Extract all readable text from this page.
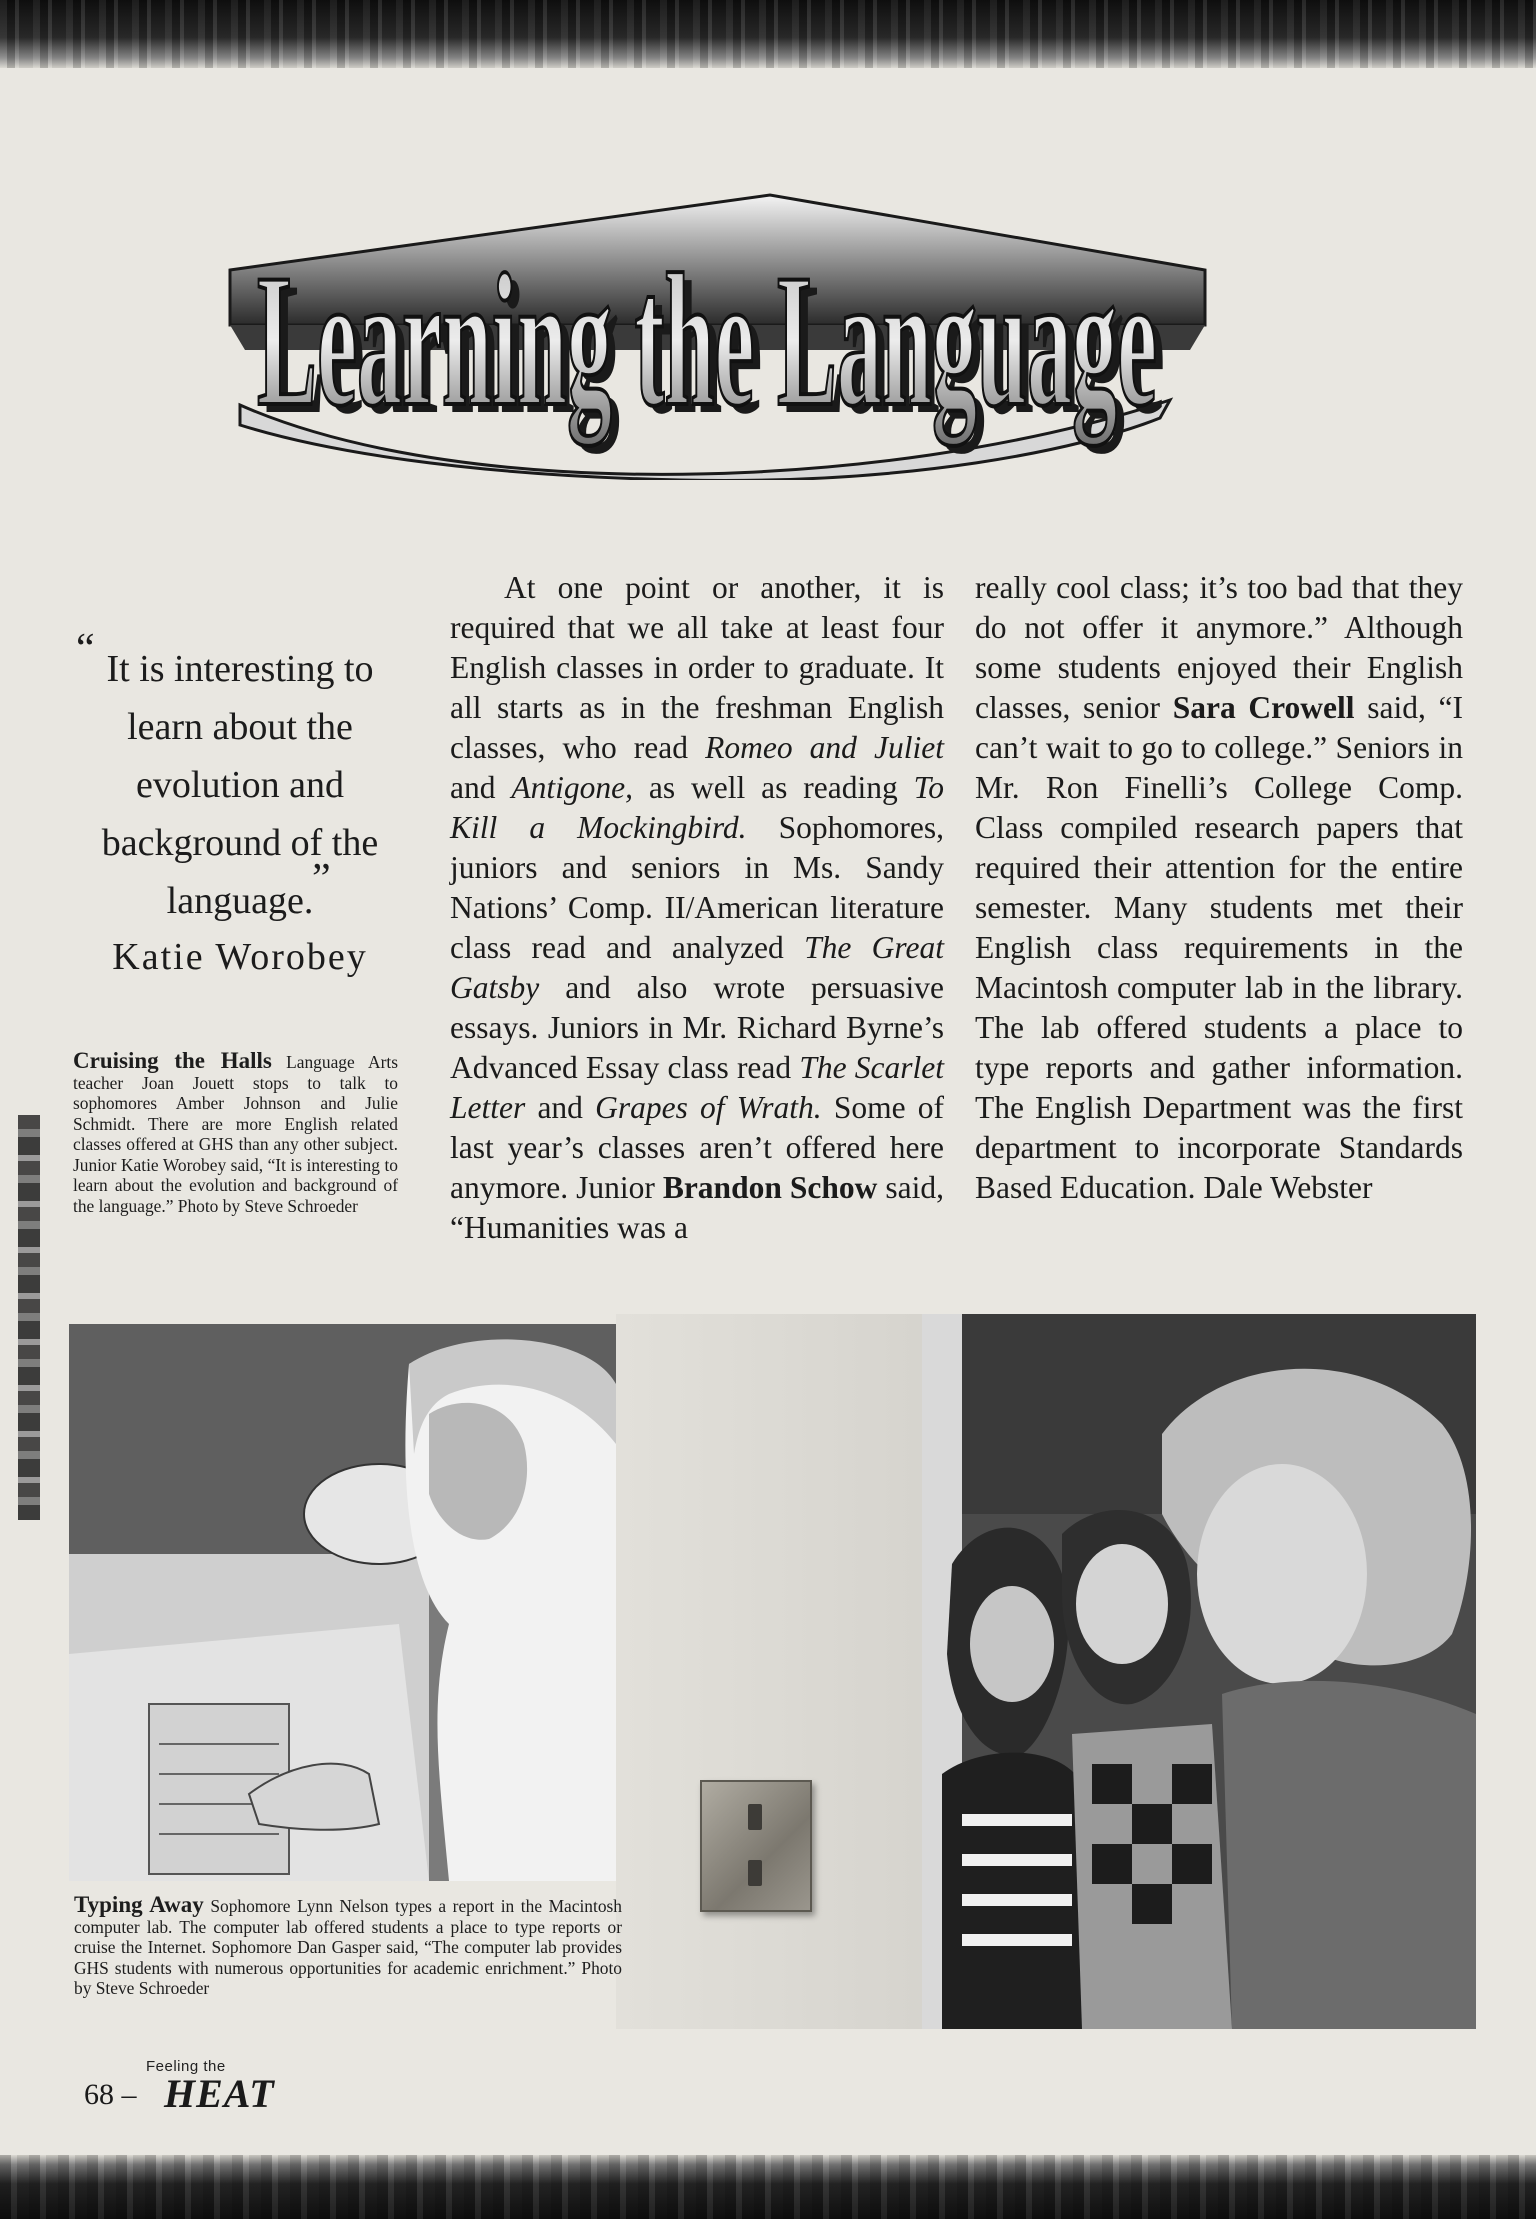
Learning the Language
Learning the Language
“
”

It is interesting to learn about the evolution and background of the language.

Katie Worobey
Cruising the Halls Language Arts teacher Joan Jouett stops to talk to sophomores Amber Johnson and Julie Schmidt. There are more English related classes offered at GHS than any other subject. Junior Katie Worobey said, “It is interesting to learn about the evolution and background of the language.” Photo by Steve Schroeder

At one point or another, it is required that we all take at least four English classes in order to graduate. It all starts as in the freshman English classes, who read Romeo and Juliet and Antigone, as well as reading To Kill a Mockingbird. Sophomores, juniors and seniors in Ms. Sandy Nations’ Comp. II/American literature class read and analyzed The Great Gatsby and also wrote persuasive essays. Juniors in Mr. Richard Byrne’s Advanced Essay class read The Scarlet Letter and Grapes of Wrath. Some of last year’s classes aren’t offered here anymore. Junior Brandon Schow said, “Humanities was a

really cool class; it’s too bad that they do not offer it anymore.” Although some students enjoyed their English classes, senior Sara Crowell said, “I can’t wait to go to college.” Seniors in Mr. Ron Finelli’s College Comp. Class compiled research papers that required their attention for the entire semester. Many students met their English class requirements in the Macintosh computer lab in the library. The lab offered students a place to type reports and gather information. The English Department was the first department to incorporate Standards Based Education. Dale Webster

Typing Away Sophomore Lynn Nelson types a report in the Macintosh computer lab. The computer lab offered students a place to type reports or cruise the Internet. Sophomore Dan Gasper said, “The computer lab provides GHS students with numerous opportunities for academic enrichment.” Photo by Steve Schroeder
Feeling the
68 – HEAT
